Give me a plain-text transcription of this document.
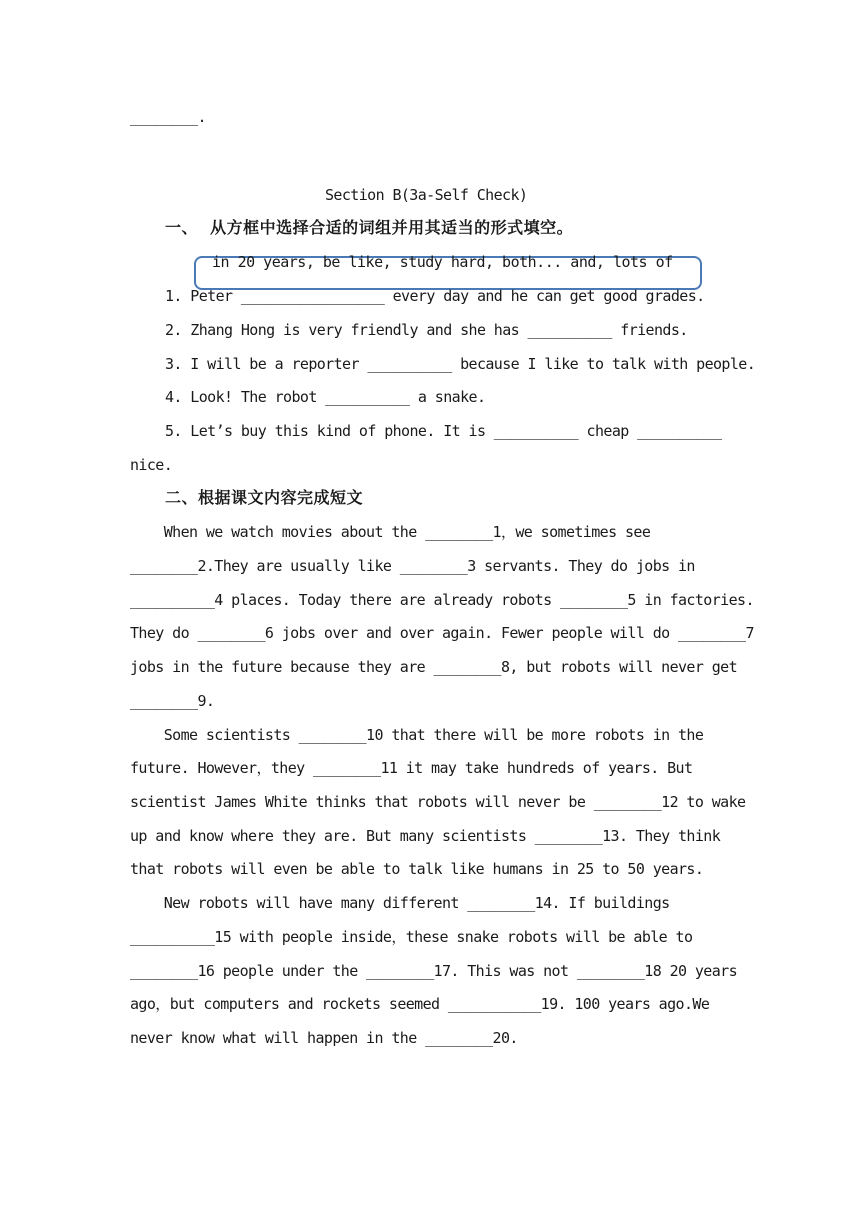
________.
Section B(3a-Self Check)
一、  从方框中选择合适的词组并用其适当的形式填空。
in 20 years, be like, study hard, both... and, lots of
1. Peter _________________ every day and he can get good grades.
2. Zhang Hong is very friendly and she has __________ friends.
3. I will be a reporter __________ because I like to talk with people.
4. Look! The robot __________ a snake.
5. Let’s buy this kind of phone. It is __________ cheap __________
nice.
二、根据课文内容完成短文
When we watch movies about the ________1，we sometimes see
________2.They are usually like ________3 servants. They do jobs in
__________4 places. Today there are already robots ________5 in factories.
They do ________6 jobs over and over again. Fewer people will do ________7
jobs in the future because they are ________8, but robots will never get
________9.
Some scientists ________10 that there will be more robots in the
future. However，they ________11 it may take hundreds of years. But
scientist James White thinks that robots will never be ________12 to wake
up and know where they are. But many scientists ________13. They think
that robots will even be able to talk like humans in 25 to 50 years.
New robots will have many different ________14. If buildings
__________15 with people inside，these snake robots will be able to
________16 people under the ________17. This was not ________18 20 years
ago，but computers and rockets seemed ___________19. 100 years ago.We
never know what will happen in the ________20.
